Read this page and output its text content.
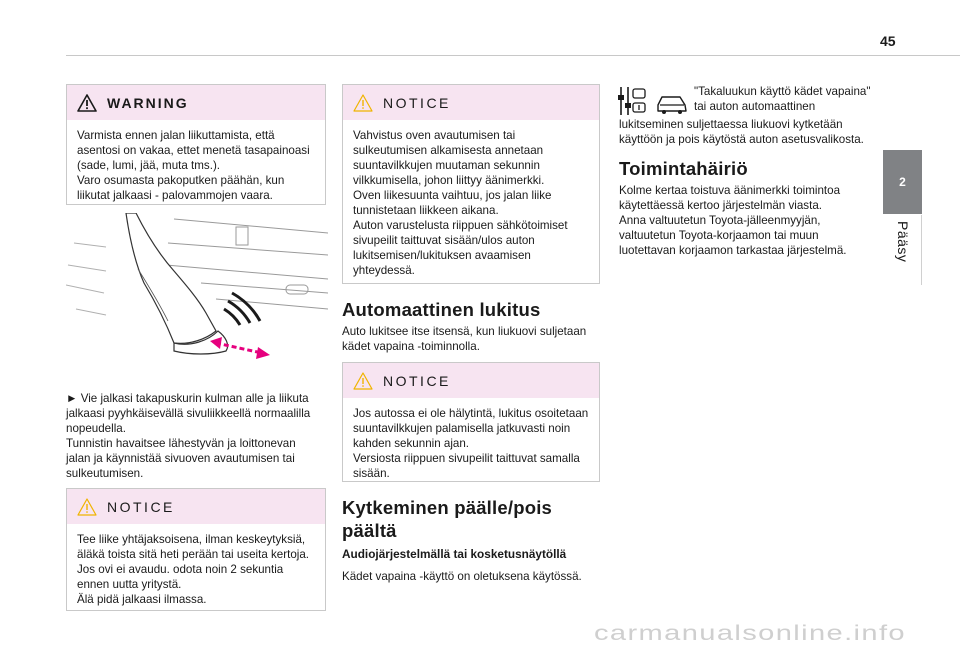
45
2
Pääsy
WARNING

Varmista ennen jalan liikuttamista, että
asentosi on vakaa, ettet menetä tasapainoasi
(sade, lumi, jää, muta tms.).
Varo osumasta pakoputken päähän, kun
liikutat jalkaasi - palovammojen vaara.

► Vie jalkasi takapuskurin kulman alle ja liikuta
jalkaasi pyyhkäisevällä sivuliikkeellä normaalilla
nopeudella.
Tunnistin havaitsee lähestyvän ja loittonevan
jalan ja käynnistää sivuoven avautumisen tai
sulkeutumisen.
NOTICE

Tee liike yhtäjaksoisena, ilman keskeytyksiä,
äläkä toista sitä heti perään tai useita kertoja.
Jos ovi ei avaudu. odota noin 2 sekuntia
ennen uutta yritystä.
Älä pidä jalkaasi ilmassa.

NOTICE

Vahvistus oven avautumisen tai
sulkeutumisen alkamisesta annetaan
suuntavilkkujen muutaman sekunnin
vilkkumisella, johon liittyy äänimerkki.
Oven liikesuunta vaihtuu, jos jalan liike
tunnistetaan liikkeen aikana.
Auton varustelusta riippuen sähkötoimiset
sivupeilit taittuvat sisään/ulos auton
lukitsemisen/lukituksen avaamisen
yhteydessä.

Automaattinen lukitus
Auto lukitsee itse itsensä, kun liukuovi suljetaan
kädet vapaina -toiminnolla.
NOTICE

Jos autossa ei ole hälytintä, lukitus osoitetaan
suuntavilkkujen palamisella jatkuvasti noin
kahden sekunnin ajan.
Versiosta riippuen sivupeilit taittuvat samalla
sisään.

Kytkeminen päälle/pois
päältä
Audiojärjestelmällä tai kosketusnäytöllä
Kädet vapaina -käyttö on oletuksena käytössä.
"Takaluukun käyttö kädet vapaina"
tai auton automaattinen
lukitseminen suljettaessa liukuovi kytketään
käyttöön ja pois käytöstä auton asetusvalikosta.
Toimintahäiriö
Kolme kertaa toistuva äänimerkki toimintoa
käytettäessä kertoo järjestelmän viasta.
Anna valtuutetun Toyota-jälleenmyyjän,
valtuutetun Toyota-korjaamon tai muun
luotettavan korjaamon tarkastaa järjestelmä.
carmanualsonline.info
